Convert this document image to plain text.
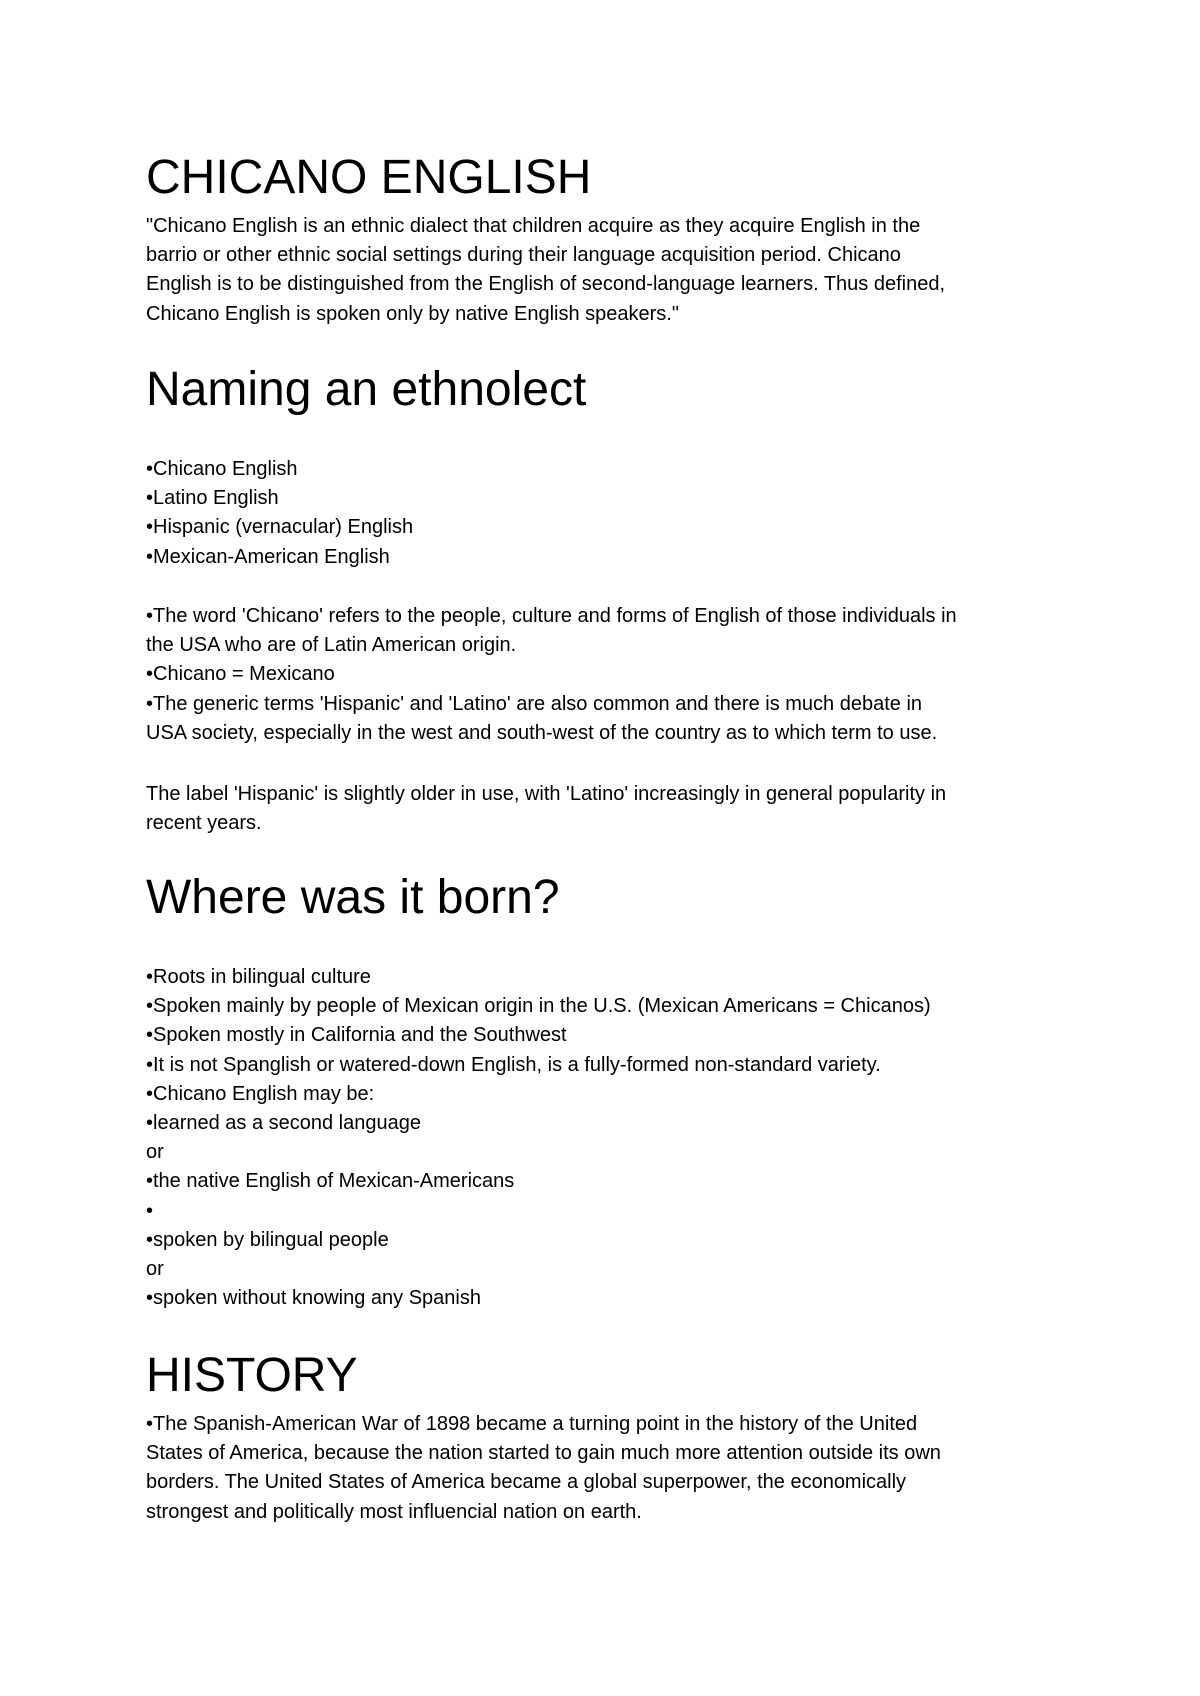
CHICANO ENGLISH
"Chicano English is an ethnic dialect that children acquire as they acquire English in the
barrio or other ethnic social settings during their language acquisition period. Chicano
English is to be distinguished from the English of second-language learners. Thus defined,
Chicano English is spoken only by native English speakers."
Naming an ethnolect
•Chicano English
•Latino English
•Hispanic (vernacular) English
•Mexican-American English
•The word 'Chicano' refers to the people, culture and forms of English of those individuals in
the USA who are of Latin American origin.
•Chicano = Mexicano
•The generic terms 'Hispanic' and 'Latino' are also common and there is much debate in
USA society, especially in the west and south-west of the country as to which term to use.
The label 'Hispanic' is slightly older in use, with 'Latino' increasingly in general popularity in
recent years.
Where was it born?
•Roots in bilingual culture
•Spoken mainly by people of Mexican origin in the U.S. (Mexican Americans = Chicanos)
•Spoken mostly in California and the Southwest
•It is not Spanglish or watered-down English, is a fully-formed non-standard variety.
•Chicano English may be:
•learned as a second language
or
•the native English of Mexican-Americans
•
•spoken by bilingual people
or
•spoken without knowing any Spanish
HISTORY
•The Spanish-American War of 1898 became a turning point in the history of the United
States of America, because the nation started to gain much more attention outside its own
borders. The United States of America became a global superpower, the economically
strongest and politically most influencial nation on earth.
